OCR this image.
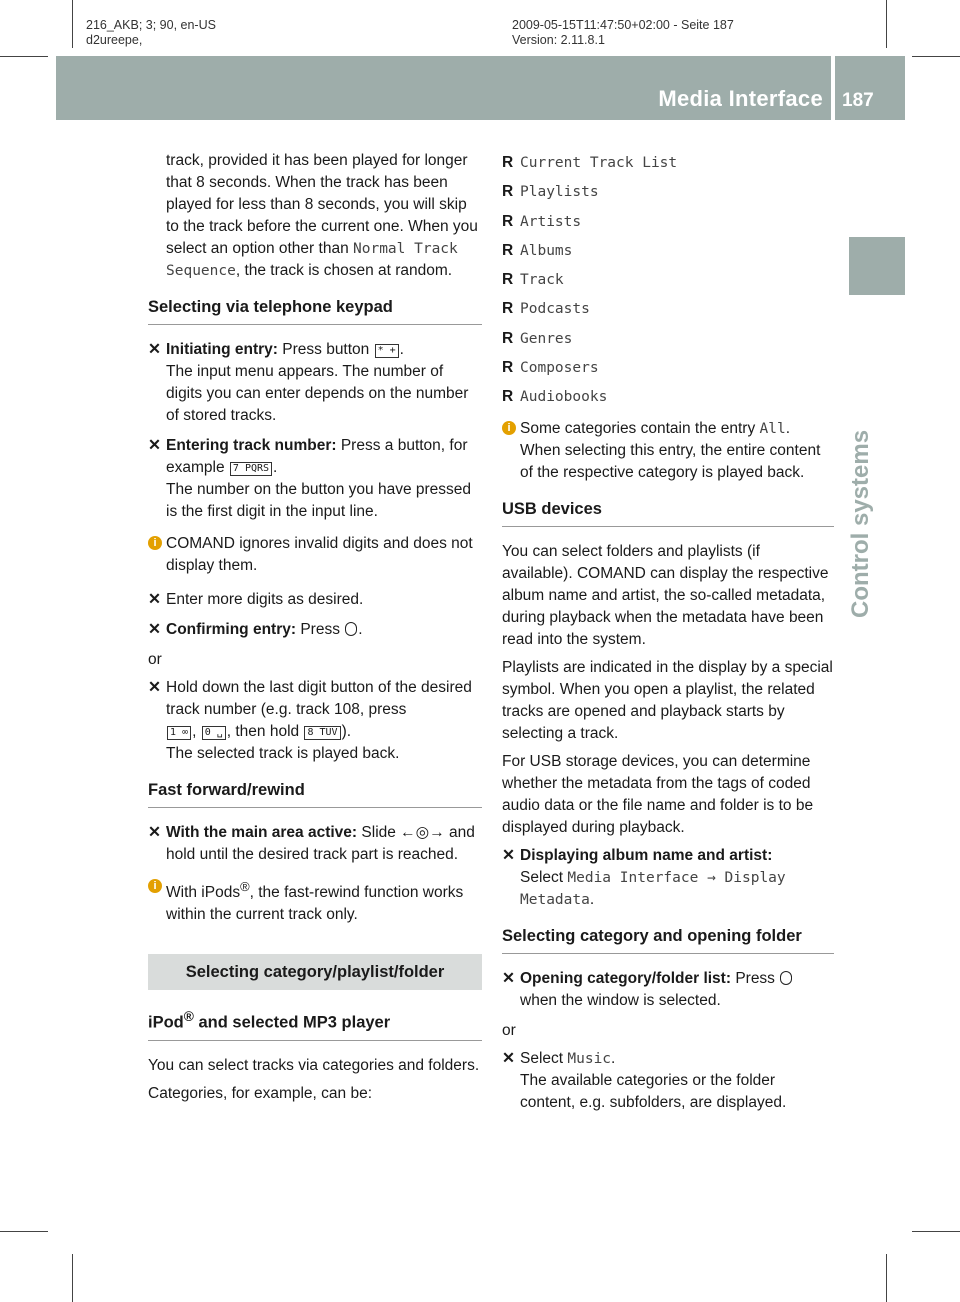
216_AKB; 3; 90, en-US
d2ureepe,
2009-05-15T11:47:50+02:00 - Seite 187
Version: 2.11.8.1
Media Interface 187
Control systems
track, provided it has been played for longer that 8 seconds. When the track has been played for less than 8 seconds, you will skip to the track before the current one. When you select an option other than Normal Track Sequence, the track is chosen at random.
Selecting via telephone keypad
✕ Initiating entry: Press button * + .
The input menu appears. The number of digits you can enter depends on the number of stored tracks.
✕ Entering track number: Press a button, for example 7 PQRS .
The number on the button you have pressed is the first digit in the input line.
i COMAND ignores invalid digits and does not display them.
✕ Enter more digits as desired.
✕ Confirming entry: Press .
or
✕ Hold down the last digit button of the desired track number (e.g. track 108, press
1 ∞ , 0 ␣ , then hold 8 TUV ).
The selected track is played back.
Fast forward/rewind
✕ With the main area active: Slide ←◎→ and hold until the desired track part is reached.
i With iPods®, the fast-rewind function works within the current track only.
Selecting category/playlist/folder
iPod® and selected MP3 player
You can select tracks via categories and folders.
Categories, for example, can be:
R Current Track List
R Playlists
R Artists
R Albums
R Track
R Podcasts
R Genres
R Composers
R Audiobooks
i Some categories contain the entry All. When selecting this entry, the entire content of the respective category is played back.
USB devices
You can select folders and playlists (if available). COMAND can display the respective album name and artist, the so-called metadata, during playback when the metadata have been read into the system.
Playlists are indicated in the display by a special symbol. When you open a playlist, the related tracks are opened and playback starts by selecting a track.
For USB storage devices, you can determine whether the metadata from the tags of coded audio data or the file name and folder is to be displayed during playback.
✕ Displaying album name and artist:
Select Media Interface → Display Metadata.
Selecting category and opening folder
✕ Opening category/folder list: Press  when the window is selected.
or
✕ Select Music.
The available categories or the folder content, e.g. subfolders, are displayed.
